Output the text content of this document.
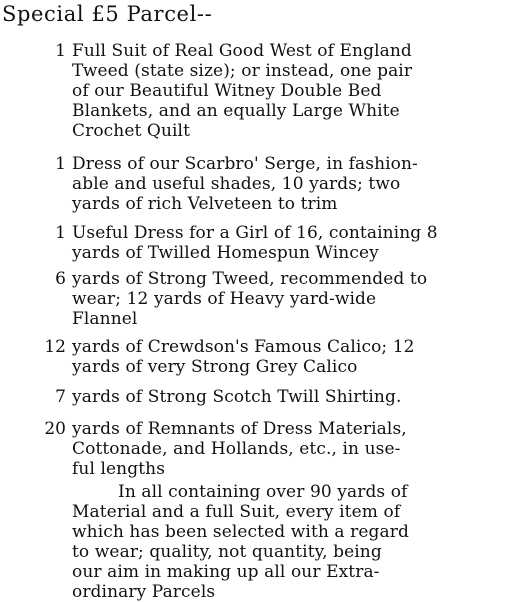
Special £5 Parcel--
1 Full Suit of Real Good West of England
Tweed (state size); or instead, one pair
of our Beautiful Witney Double Bed
Blankets, and an equally Large White
Crochet Quilt
1 Dress of our Scarbro' Serge, in fashion-
able and useful shades, 10 yards; two
yards of rich Velveteen to trim
1 Useful Dress for a Girl of 16, containing 8
yards of Twilled Homespun Wincey
6 yards of Strong Tweed, recommended to
wear; 12 yards of Heavy yard-wide
Flannel
12 yards of Crewdson's Famous Calico; 12
yards of very Strong Grey Calico
7 yards of Strong Scotch Twill Shirting.
20 yards of Remnants of Dress Materials,
Cottonade, and Hollands, etc., in use-
ful lengths
In all containing over 90 yards of
Material and a full Suit, every item of
which has been selected with a regard
to wear; quality, not quantity, being
our aim in making up all our Extra-
ordinary Parcels
